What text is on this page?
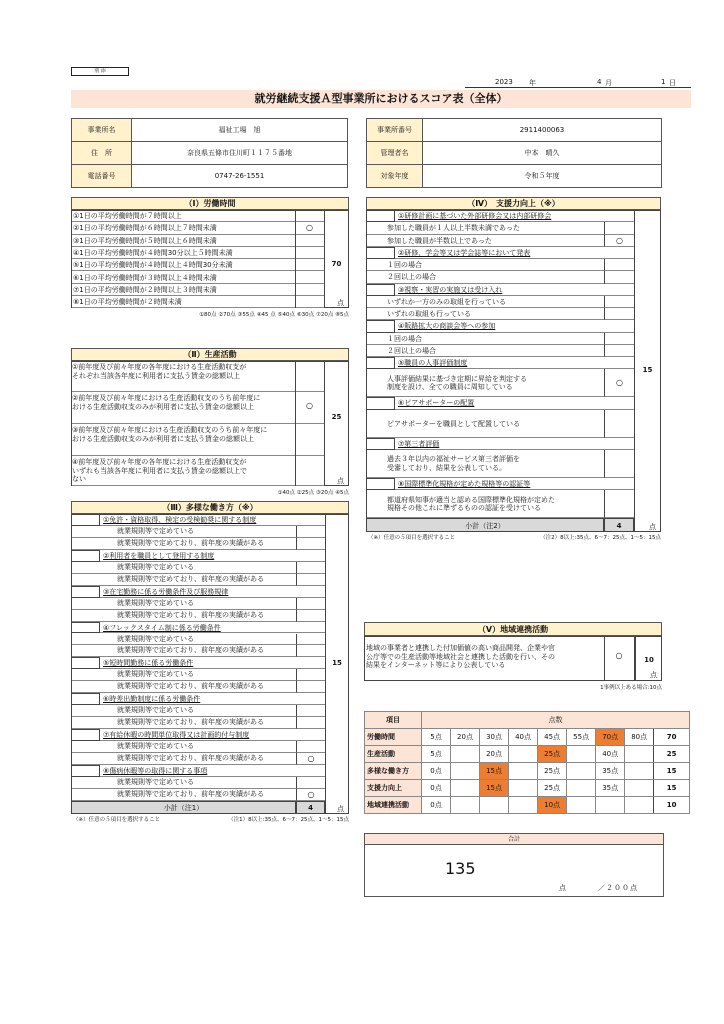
別 添
2023 年	4 月	1 日
就労継続支援Ａ型事業所におけるスコア表（全体）
事業所名	福祉工場　旭
住　所	奈良県五條市住川町１１７５番地
電話番号	0747-26-1551
事業所番号	2911400063
管理者名	中本　晴久
対象年度	令和５年度
（Ⅰ）労働時間
①1日の平均労働時間が７時間以上
②1日の平均労働時間が６時間以上７時間未満	○
③1日の平均労働時間が５時間以上６時間未満
④1日の平均労働時間が４時間30分以上５時間未満
⑤1日の平均労働時間が４時間以上４時間30分未満
⑥1日の平均労働時間が３時間以上４時間未満
⑦1日の平均労働時間が２時間以上３時間未満
⑧1日の平均労働時間が２時間未満
70
点
①80点 ②70点 ③55点 ④45 点 ⑤40点 ⑥30点 ⑦20点 ⑧5点
（Ⅱ）生産活動
①前年度及び前々年度の各年度における生産活動収支が
それぞれ当該各年度に利用者に支払う賃金の総額以上
②前年度及び前々年度における生産活動収支のうち前年度に
おける生産活動収支のみが利用者に支払う賃金の総額以上	○
③前年度及び前々年度における生産活動収支のうち前々年度に
おける生産活動収支のみが利用者に支払う賃金の総額以上
④前年度及び前々年度の各年度における生産活動収支が
いずれも当該各年度に利用者に支払う賃金の総額以上で
ない
25
点
①40点 ②25点 ③20点 ④5点
（Ⅲ）多様な働き方（※）
①免許・資格取得、検定の受検勧奨に関する制度
就業規則等で定めている
就業規則等で定めており、前年度の実績がある
②利用者を職員として登用する制度
就業規則等で定めている
就業規則等で定めており、前年度の実績がある
③在宅勤務に係る労働条件及び服務規律
就業規則等で定めている
就業規則等で定めており、前年度の実績がある
④フレックスタイム制に係る労働条件
就業規則等で定めている
就業規則等で定めており、前年度の実績がある
⑤短時間勤務に係る労働条件
就業規則等で定めている
就業規則等で定めており、前年度の実績がある
⑥時差出勤制度に係る労働条件
就業規則等で定めている
就業規則等で定めており、前年度の実績がある
⑦有給休暇の時間単位取得又は計画的付与制度
就業規則等で定めている
就業規則等で定めており、前年度の実績がある	○
⑧傷病休暇等の取得に関する事項
就業規則等で定めている
就業規則等で定めており、前年度の実績がある	○
小計（注1）	4
15
点
（※）任意の５項目を選択すること	（注1）8以上:35点、6～7：25点、1～5：15点
（Ⅳ）　支援力向上（※）
①研修計画に基づいた外部研修会又は内部研修会
参加した職員が１人以上半数未満であった
参加した職員が半数以上であった	○
②研修、学会等又は学会誌等において発表
１回の場合
２回以上の場合
③視察・実習の実施又は受け入れ
いずれか一方のみの取組を行っている
いずれの取組も行っている
④販路拡大の商談会等への参加
１回の場合
２回以上の場合
⑤職員の人事評価制度
人事評価結果に基づき定期に昇給を判定する
制度を設け、全ての職員に周知している	○
⑥ピアサポーターの配置
ピアサポーターを職員として配置している
⑦第三者評価
過去３年以内の福祉サービス第三者評価を
受審しており、結果を公表している。
⑧国際標準化規格が定めた規格等の認証等
都道府県知事が適当と認める国際標準化規格が定めた
規格その他これに準ずるものの認証を受けている
小計（注2）	4
15
点
（※）任意の５項目を選択すること	（注2）8以上:35点、6～7：25点、1～5：15点
（Ⅴ）地域連携活動
地域の事業者と連携した付加価値の高い商品開発、企業や官
公庁等での生産活動等地域社会と連携した活動を行い、その
結果をインターネット等により公表している
○	10
点
1事例以上ある場合:10点
項目	点数								
労働時間	5点	20点	30点	40点	45点	55点	70点	80点	70
生産活動	5点		20点		25点		40点		25
多様な働き方	0点		15点		25点		35点		15
支援力向上	0点		15点		25点		35点		15
地域連携活動	0点				10点				10
合計
135
点	／２００点
